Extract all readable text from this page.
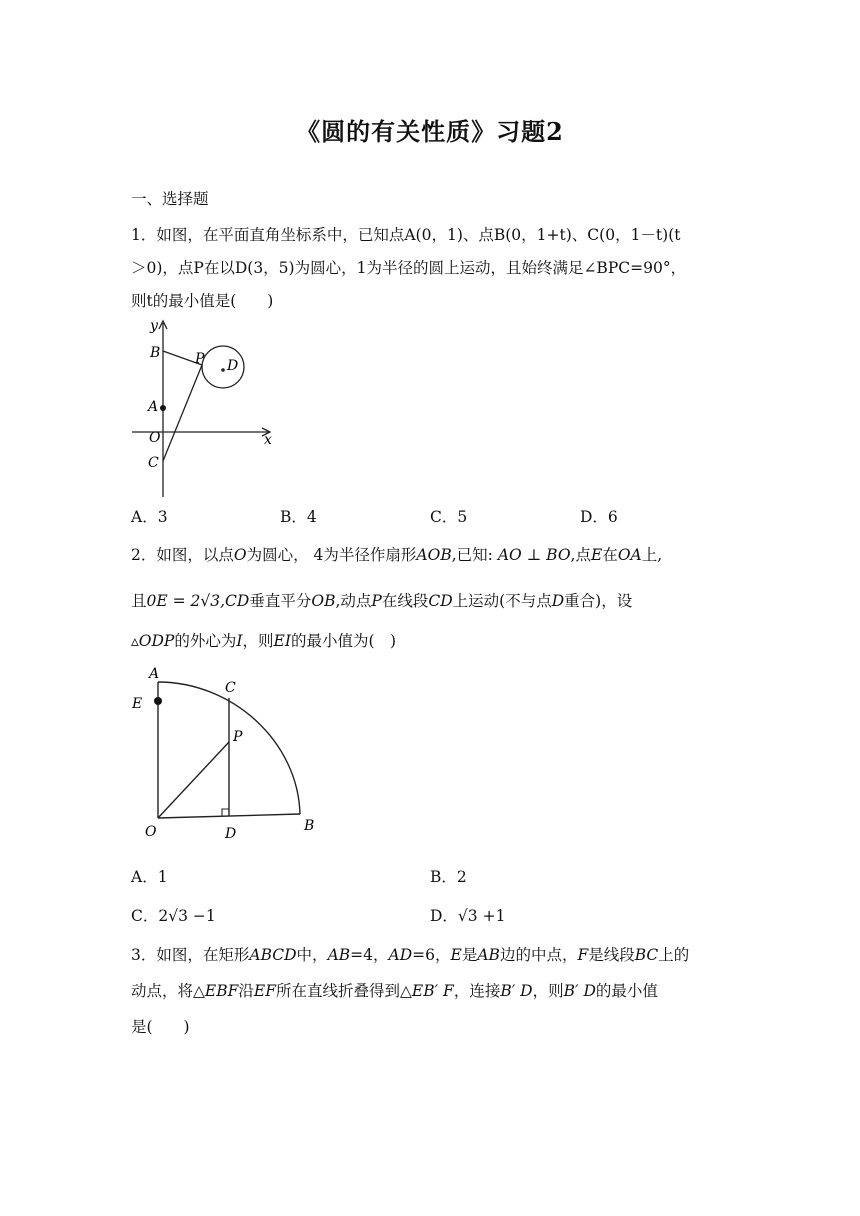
《圆的有关性质》习题2
一、选择题
1．如图，在平面直角坐标系中，已知点A(0，1)、点B(0，1+t)、C(0，1－t)(t
＞0)，点P在以D(3，5)为圆心，1为半径的圆上运动，且始终满足∠BPC=90°，
则t的最小值是(　　)
y
x
B P D
A
O
C
A．3	B．4	C．5	D．6
2．如图，以点O为圆心， 4为半径作扇形AOB,已知: AO ⊥ BO,点E在OA上,
且0E = 2√3,CD垂直平分OB,动点P在线段CD上运动(不与点D重合)，设
▵ODP的外心为I，则EI的最小值为(　)
A
E
C
P
O	D	B
A．1	B．2
C．2√3 −1	D．√3 +1
3．如图，在矩形ABCD中，AB=4，AD=6，E是AB边的中点，F是线段BC上的
动点，将△EBF沿EF所在直线折叠得到△EB′ F，连接B′ D，则B′ D的最小值
是(　　)
